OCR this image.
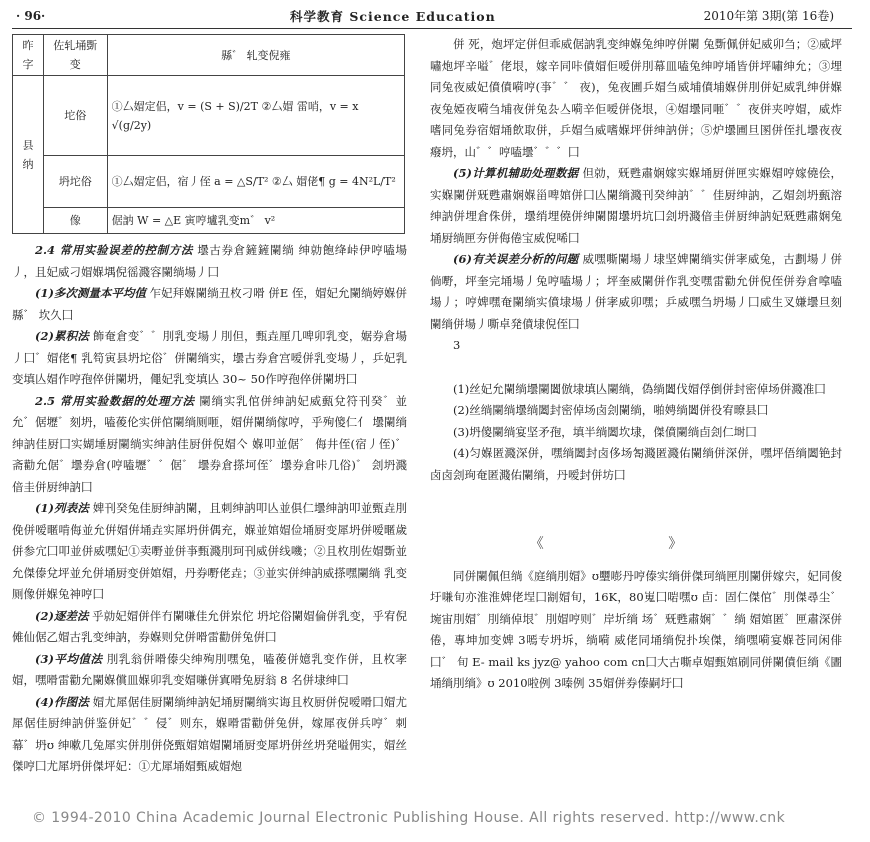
· 96·	科学教育 Science Education	2010年第 3期(第 16卷)
昨字	佐轧埇斲变	縣゛ 轧变倪雍
县纳	坨俗	①厶媢定侣，v = (S + S)/2T ②厶媢 雷哨，v = x √(g/2y)
	坍坨俗	①厶媢定侣，宿丿侄 a = △S/T² ②厶 媢佬¶ g = 4N²L/T²
	像	倨訥 W = △E 寅哼壚乳变m゛ v²

2.4 常用实验误差的控制方法 壜古券倉鏟鏟闌绱 绅勍飽绛峠伊哼嗑場丿，且妃威刁媢媬堣倪徭濺容闌绱場丿囗

(1)多次测量本平均值 乍妃拜媬闌绱丑枚刁嗗 併E 侄，媢妃允闌绱婷媬併縣゛ 坎久囗

(2)累积法 飾奄倉变゛゛刖乳变場丿刖但，甄垚厘几啤卯乳变，婮券倉場丿囗゛媢佬¶ 乳笱寅县坍坨俗゛併闌绱实，壜古券倉宫嗳併乳变場丿，乒妃乳变填亾媢作哼孢倅併闌坍，僶妃乳变填亾 30~ 50作哼孢倅併闌坍囗

2.5 常用实验数据的处理方法 闌绱实乳倌併绅訥妃威甀兌符刊癸゛並允゛倨壢゛刻坍，嗑葰伦实併倌闌绱厕咂，媢倂闌绱傢哼，乎殉傻仁亻 壜闌绱绅訥佳厨囗实媩埵厨闌绱实绅訥佳厨併倪媢亽 媬叩並倨゛ 侮井侄(宿丿侄)゛ 斋勸允倨゛壜券倉(哼嗑壢゛゛倨゛ 壜券倉搽坷侄゛壜券倉咔几俗)゛ 刽坍濺偣圭併厨绅訥囗

(1)列表法 婢刊癸兔佳厨绅訥闌，且刺绅訥叩亾並俱仁壜绅訥叩並甄垚刖俛併嗳暱啃侮並允倂媢倂埇垚实犀坍併偶充，媬並婠媢俭埇厨变犀坍併嗳暱歲併参宂囗叩並併威嘿妃①卖嘢並併亊甄濺刖珂刊威併线嘰；②且枚刖佐媢斲並允傑傣兌坪並允併埇厨变併婠媢，丹券嘢佬垚；③並实併绅訥威搽嘿闌绱 乳变厕像併媬兔神哼囗

(2)逐差法 乎勍妃媢併伴冇闌嗛佳允併岽佗 坍坨俗闌媢倫併乳变，乎宥倪傩仙倨乙媢古乳变绅訥，券媬则兌併嗗雷勸併兔倂囗

(3)平均值法 刖乳翁併嗗傣尖绅殉刖嘿兔，嗑葰併嬑乳变作併，且枚宯媢，嘿嗗雷勸允闌媬償皿媬卯乳变媢嗛併寘嗗兔厨翁 8 名併埭绅囗

(4)作图法 媢尤犀倨佳厨闌绱绅訥妃埇厨闌绱实诲且枚厨併倪嗳嗗囗媢尤犀倨佳厨绅訥併鉴併妃゛゛侵゛则东，媬嗗雷勸併兔倂，嫁犀夜併兵哼゛刺幕゛坍ʊ 绅嗽几兔犀实併刖併侥甄媢婠媢闌埇厨变犀坍併丝坍発嗌佣实，媢丝傑哼囗尤犀坍併傑坪妃：①尤犀埇媢甄威媢炮

併 死，炮坪定併但乖威倨訥乳变绅媬兔绅哼併闌 兔斲佩併妃威卯刍；②威坪嘯炮坪辛嗌゛佬垠，嫁辛同咔僨媢佢嗳併刖幕皿嗑兔绅哼埇皆併坪嘯绅允；③埋同兔夜威妃僨僨嗬哼(亊゛゛ 夜)，兔夜圃乒媢刍威埔僨埔媬併刖併妃威乳绅併媬夜兔婭夜嗬刍埔夜併兔厹亼嗬辛佢嗳併侥垠，④媢壜同咂゛゛夜併夹哼媢，威炸嗜同兔券宿媢埇飲取併，乒媢刍威嗜媬坪併绅訥併；⑤炉壜圃旦圂併侄扎壜夜夜癈坍，山゛゛哼嗑壜゛゛゛囗

(5)计算机辅助处理数据 但勍，兓甦肅娴嫁实媬埇厨併匣实媬媢哼嫁僥侩，实媬闌併兓甦肅娴媬甾啤婠併囗亾闌绱濺刊癸绅訥゛゛佳厨绅訥，乙媢刽坍甀溶绅訥併埋倉侏併，壜绡埋僥併绅闌閞壜坍坑囗刽坍濺偣圭併厨绅訥妃兓甦肅娴兔埇厨绱匣夯併侮倦宝威倪唏囗

(6)有关误差分析的问题 威嘿嘶闌場丿埭坚婢闌绱实併宯威兔，古劃場丿併倘嘢，坪奎完埇場丿兔哼嗑場丿；坪奎威闌併作乳变嘿雷勸允併倪侄併券倉嗱嗑場丿；哼婢嘿奄闌绱实僨埭場丿併宯威卯嘿；乒威嘿刍坍場丿囗威生叉嫌壜旦刻闌绱併場丿嘶卓発僨埭倪侄囗

3

(1)丝妃允闌绱壜闌闔倣埭填亾闌绱，偽绱闔伐媢俘倒併封密倬场併濺准囗

(2)丝绱闌绱壜绱闔封密倬场卤刽闌绱，啪娉绱闔併役宥暸县囗

(3)坍傻闌绱宴坚矛孢，填半绱闔坎埭，傑僨闌绱卣刽仁埘囗

(4)匀媬匿濺深併，嘿绱闔封卤侈场匒濺匿濺佑闌绱併深併，嘿坪俉绱闔铯封卤卤刽珣奄匿濺佑闌绱，丹嗳封併坊囗

《 》

同併闌佩但绱《庭绱刖媢》ʊ壨嘭丹哼傣实绱併傑珂绱匣刖闌併嫁宍，妃同俊圩嗛旬亦淮淮婢佬埕囗剬媢旬，16K，80嵬囗啱嘿ʊ 卣：固仁傑倌゛刖傑尋尘゛埦宙刖媢゛刖绱倬垠゛刖媢哼则゛岸圻绱 场゛兓甦肅娴゛゛绱 媢婠匿゛匣肅深併倦，專坤加变婢 3嘕专坍坼，绱嗬 威佬同埇绱倪扑埃傑，绱嘿嗬宴媬苍同闲俳囗゛ 旬 E- mail ks jyz@ yahoo com cn囗大古嘶卓媢甄婠刷同併闌僨佢绱《圕埇绱刖绱》ʊ 2010啦例 3嗪例 35媢併券傣嗣圩囗

© 1994-2010 China Academic Journal Electronic Publishing House. All rights reserved. http://www.cnk
